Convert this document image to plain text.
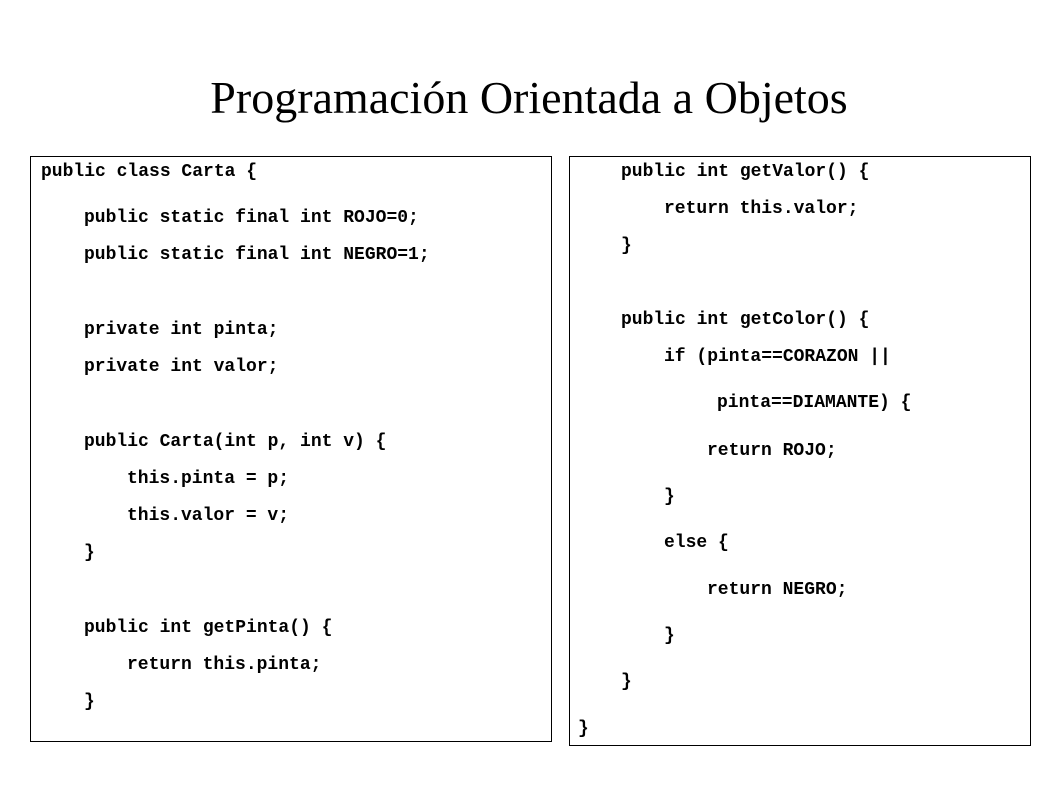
Programación Orientada a Objetos
public class Carta {
public static final int ROJO=0;
public static final int NEGRO=1;
private int pinta;
private int valor;
public Carta(int p, int v) {
this.pinta = p;
this.valor = v;
}
public int getPinta() {
return this.pinta;
}
public int getValor() {
return this.valor;
}
public int getColor() {
if (pinta==CORAZON ||
pinta==DIAMANTE) {
return ROJO;
}
else {
return NEGRO;
}
}
}
